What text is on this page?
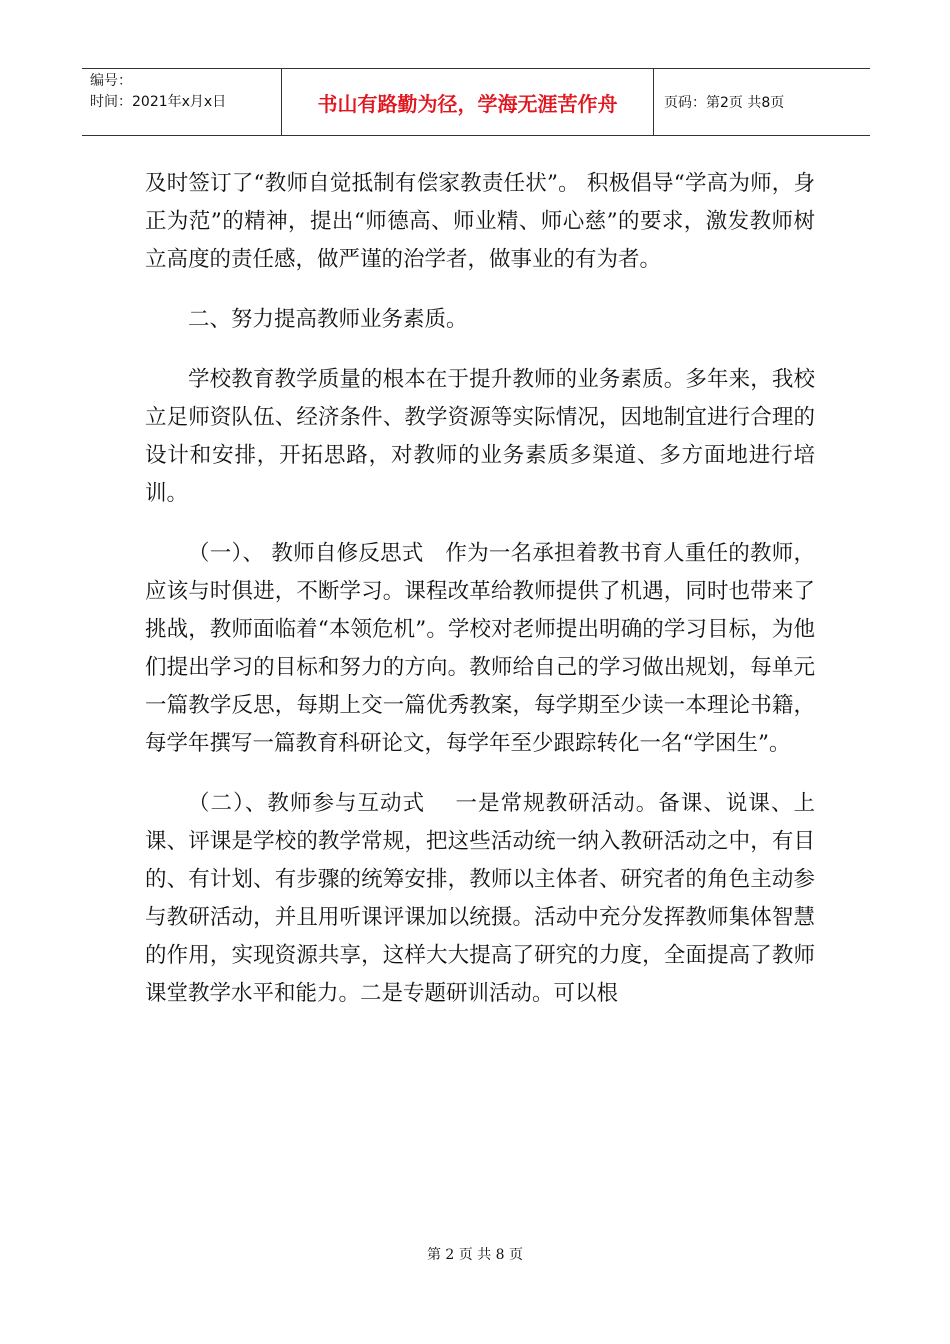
编号：
时间：2021年x月x日	书山有路勤为径，学海无涯苦作舟	页码：第2页 共8页

及时签订了“教师自觉抵制有偿家教责任状”。 积极倡导“学高为师，身正为范”的精神，提出“师德高、师业精、师心慈”的要求，激发教师树立高度的责任感，做严谨的治学者，做事业的有为者。

二、努力提高教师业务素质。

学校教育教学质量的根本在于提升教师的业务素质。多年来，我校立足师资队伍、经济条件、教学资源等实际情况，因地制宜进行合理的设计和安排，开拓思路，对教师的业务素质多渠道、多方面地进行培训。

（一）、 教师自修反思式　作为一名承担着教书育人重任的教师，应该与时俱进，不断学习。课程改革给教师提供了机遇，同时也带来了挑战，教师面临着“本领危机”。学校对老师提出明确的学习目标，为他们提出学习的目标和努力的方向。教师给自己的学习做出规划，每单元一篇教学反思，每期上交一篇优秀教案，每学期至少读一本理论书籍，每学年撰写一篇教育科研论文，每学年至少跟踪转化一名“学困生”。

（二）、教师参与互动式　 一是常规教研活动。备课、说课、上课、评课是学校的教学常规，把这些活动统一纳入教研活动之中，有目的、有计划、有步骤的统筹安排，教师以主体者、研究者的角色主动参与教研活动，并且用听课评课加以统摄。活动中充分发挥教师集体智慧的作用，实现资源共享，这样大大提高了研究的力度，全面提高了教师课堂教学水平和能力。二是专题研训活动。可以根

第 2 页 共 8 页
